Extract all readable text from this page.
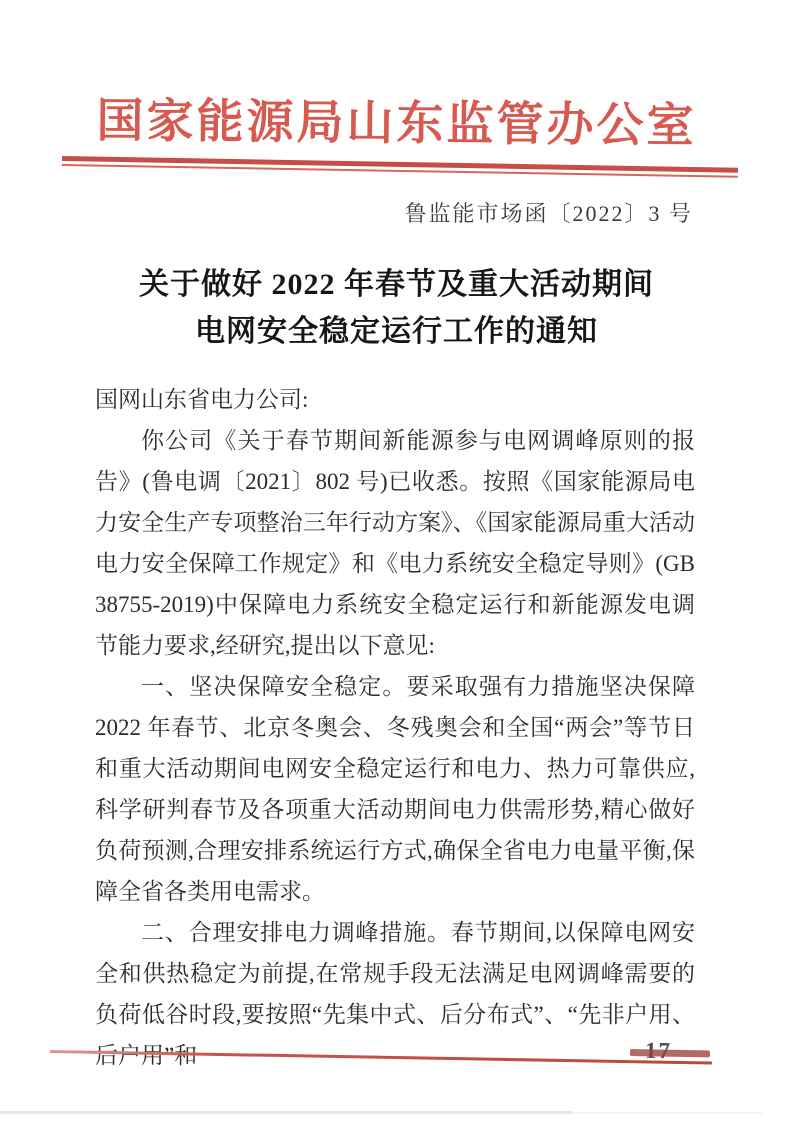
国家能源局山东监管办公室
鲁监能市场函〔2022〕3 号
关于做好 2022 年春节及重大活动期间
电网安全稳定运行工作的通知

国网山东省电力公司:

你公司《关于春节期间新能源参与电网调峰原则的报告》(鲁电调〔2021〕802 号)已收悉。按照《国家能源局电力安全生产专项整治三年行动方案》、《国家能源局重大活动电力安全保障工作规定》和《电力系统安全稳定导则》(GB 38755-2019)中保障电力系统安全稳定运行和新能源发电调节能力要求,经研究,提出以下意见:

一、坚决保障安全稳定。要采取强有力措施坚决保障 2022 年春节、北京冬奥会、冬残奥会和全国“两会”等节日和重大活动期间电网安全稳定运行和电力、热力可靠供应,科学研判春节及各项重大活动期间电力供需形势,精心做好负荷预测,合理安排系统运行方式,确保全省电力电量平衡,保障全省各类用电需求。

二、合理安排电力调峰措施。春节期间,以保障电网安全和供热稳定为前提,在常规手段无法满足电网调峰需要的负荷低谷时段,要按照“先集中式、后分布式”、“先非户用、后户用”和
